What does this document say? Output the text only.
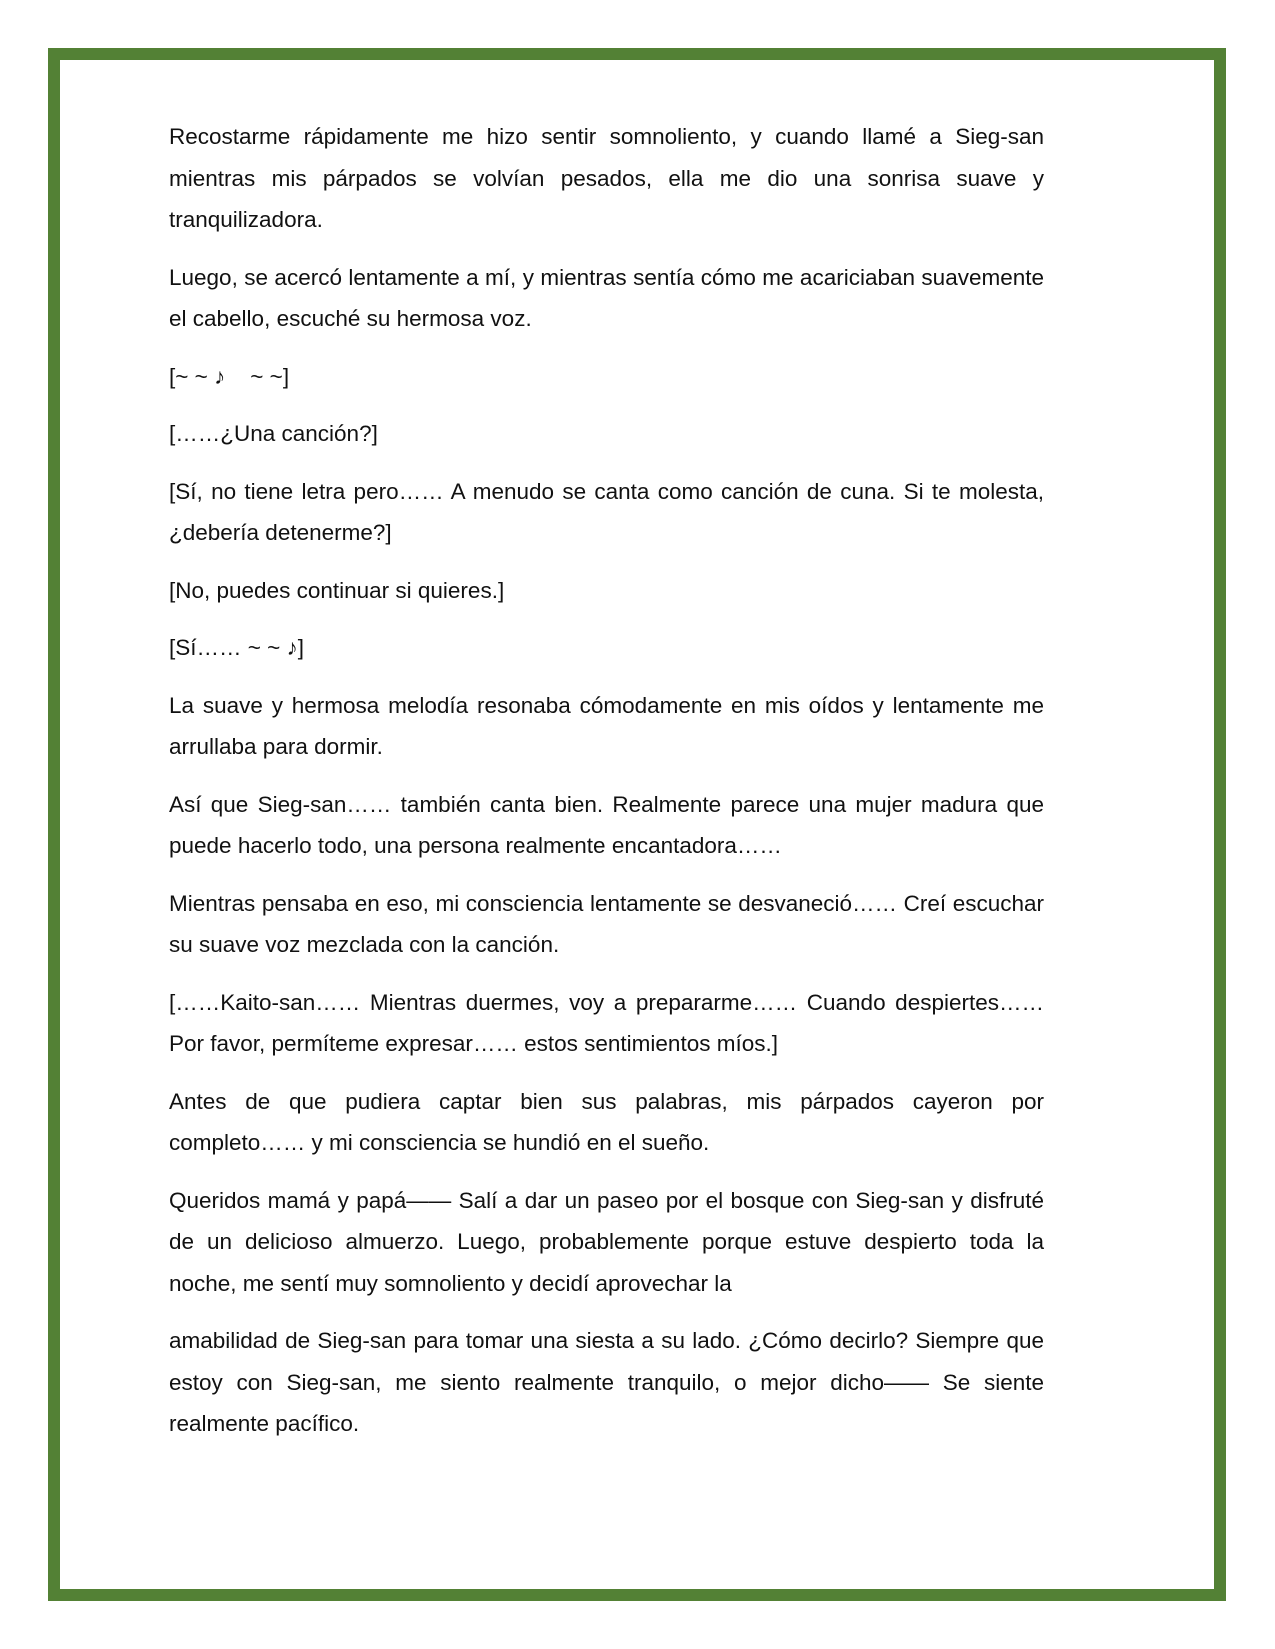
Recostarme rápidamente me hizo sentir somnoliento, y cuando llamé a Sieg-san mientras mis párpados se volvían pesados, ella me dio una sonrisa suave y tranquilizadora.

Luego, se acercó lentamente a mí, y mientras sentía cómo me acariciaban suavemente el cabello, escuché su hermosa voz.

[~ ~ ♪    ~ ~]

[……¿Una canción?]

[Sí, no tiene letra pero…… A menudo se canta como canción de cuna. Si te molesta, ¿debería detenerme?]

[No, puedes continuar si quieres.]

[Sí…… ~ ~ ♪]

La suave y hermosa melodía resonaba cómodamente en mis oídos y lentamente me arrullaba para dormir.

Así que Sieg-san…… también canta bien. Realmente parece una mujer madura que puede hacerlo todo, una persona realmente encantadora……

Mientras pensaba en eso, mi consciencia lentamente se desvaneció…… Creí escuchar su suave voz mezclada con la canción.

[……Kaito-san…… Mientras duermes, voy a prepararme…… Cuando despiertes…… Por favor, permíteme expresar…… estos sentimientos míos.]

Antes de que pudiera captar bien sus palabras, mis párpados cayeron por completo…… y mi consciencia se hundió en el sueño.

Queridos mamá y papá—— Salí a dar un paseo por el bosque con Sieg-san y disfruté de un delicioso almuerzo. Luego, probablemente porque estuve despierto toda la noche, me sentí muy somnoliento y decidí aprovechar la

amabilidad de Sieg-san para tomar una siesta a su lado. ¿Cómo decirlo? Siempre que estoy con Sieg-san, me siento realmente tranquilo, o mejor dicho—— Se siente realmente pacífico.
